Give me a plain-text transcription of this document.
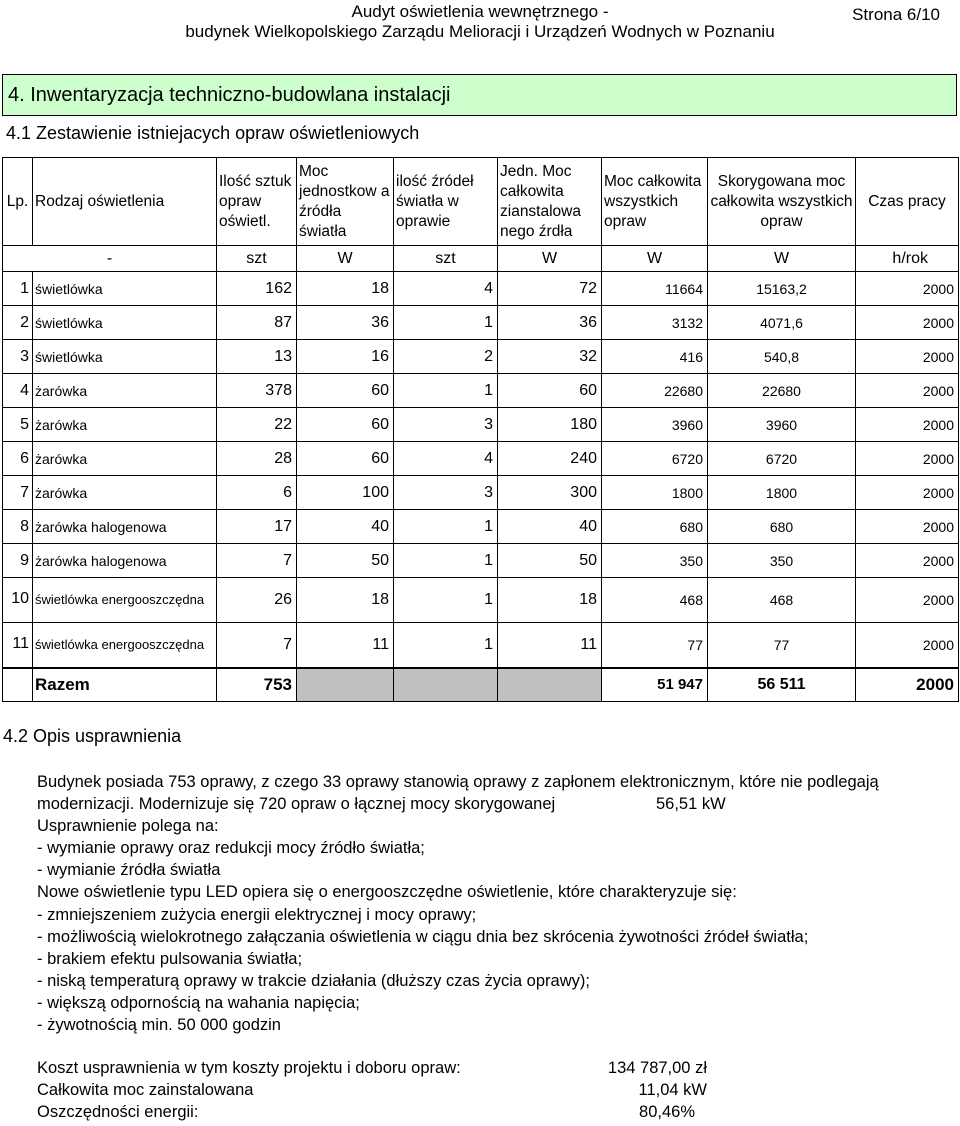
Audyt oświetlenia wewnętrznego -
budynek Wielkopolskiego Zarządu Melioracji i Urządzeń Wodnych w Poznaniu
Strona 6/10
4. Inwentaryzacja techniczno-budowlana instalacji
4.1 Zestawienie istniejacych opraw oświetleniowych
Lp.	Rodzaj oświetlenia	Ilość sztuk opraw oświetl.	Moc jednostkow a źródła światła	ilość źródeł światła w oprawie	Jedn. Moc całkowita zianstalowa nego źrdła	Moc całkowita wszystkich opraw	Skorygowana moc całkowita wszystkich opraw	Czas pracy
-		szt	W	szt	W	W	W	h/rok
1	świetlówka	162	18	4	72	11664	15163,2	2000
2	świetlówka	87	36	1	36	3132	4071,6	2000
3	świetlówka	13	16	2	32	416	540,8	2000
4	żarówka	378	60	1	60	22680	22680	2000
5	żarówka	22	60	3	180	3960	3960	2000
6	żarówka	28	60	4	240	6720	6720	2000
7	żarówka	6	100	3	300	1800	1800	2000
8	żarówka halogenowa	17	40	1	40	680	680	2000
9	żarówka halogenowa	7	50	1	50	350	350	2000
10	świetlówka energooszczędna	26	18	1	18	468	468	2000
11	świetlówka energooszczędna	7	11	1	11	77	77	2000
	Razem	753				51 947	56 511	2000
4.2 Opis usprawnienia

Budynek posiada 753 oprawy, z czego 33 oprawy stanowią oprawy z zapłonem elektronicznym, które nie podlegają

modernizacji. Modernizuje się 720 opraw o łącznej mocy skorygowanej	56,51 kW

Usprawnienie polega na:

- wymianie oprawy oraz redukcji mocy źródło światła;

- wymianie źródła światła

Nowe oświetlenie typu LED opiera się o energooszczędne oświetlenie, które charakteryzuje się:

- zmniejszeniem zużycia energii elektrycznej i mocy oprawy;

- możliwością wielokrotnego załączania oświetlenia w ciągu dnia bez skrócenia żywotności źródeł światła;

- brakiem efektu pulsowania światła;

- niską temperaturą oprawy w trakcie działania (dłuższy czas życia oprawy);

- większą odpornością na wahania napięcia;

- żywotnością min. 50 000 godzin

Koszt usprawnienia w tym koszty projektu i doboru opraw:	134 787,00 zł
Całkowita moc zainstalowana	11,04 kW
Oszczędności energii:	80,46%
